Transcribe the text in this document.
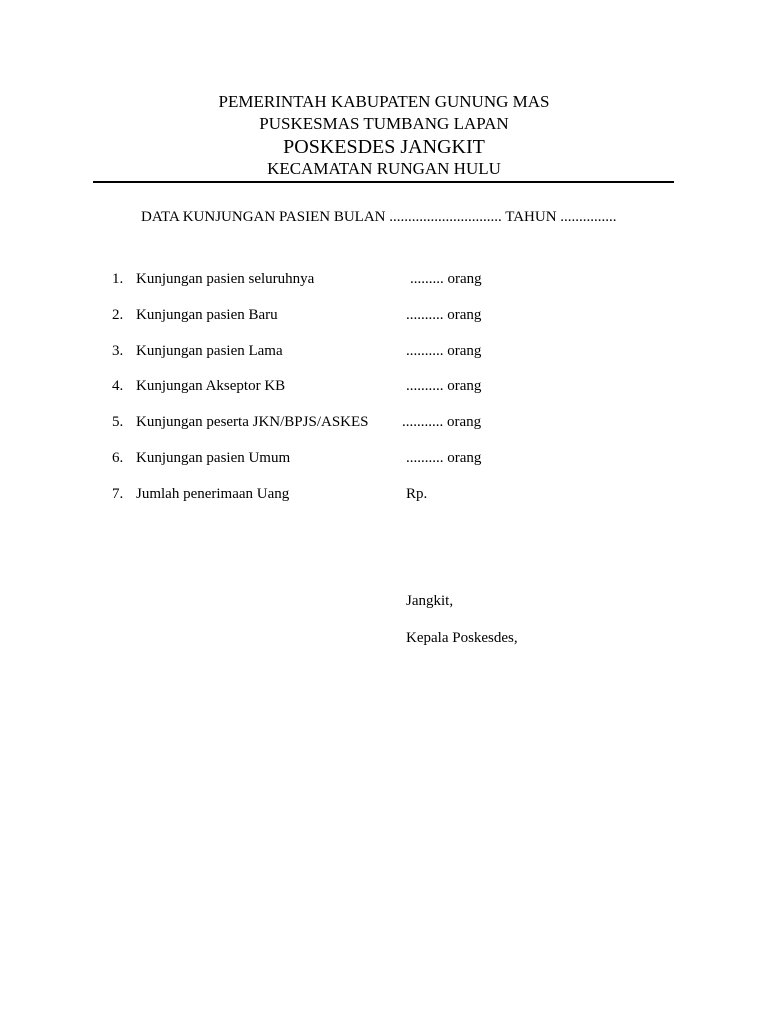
PEMERINTAH KABUPATEN GUNUNG MAS
PUSKESMAS TUMBANG LAPAN
POSKESDES JANGKIT
KECAMATAN RUNGAN HULU
DATA KUNJUNGAN PASIEN BULAN .............................. TAHUN ...............
1. Kunjungan pasien seluruhnya	......... orang
2. Kunjungan pasien Baru	.......... orang
3. Kunjungan pasien Lama	.......... orang
4. Kunjungan Akseptor KB	.......... orang
5. Kunjungan peserta JKN/BPJS/ASKES ........... orang
6. Kunjungan pasien Umum	.......... orang
7. Jumlah penerimaan Uang	Rp.
Jangkit,
Kepala Poskesdes,
